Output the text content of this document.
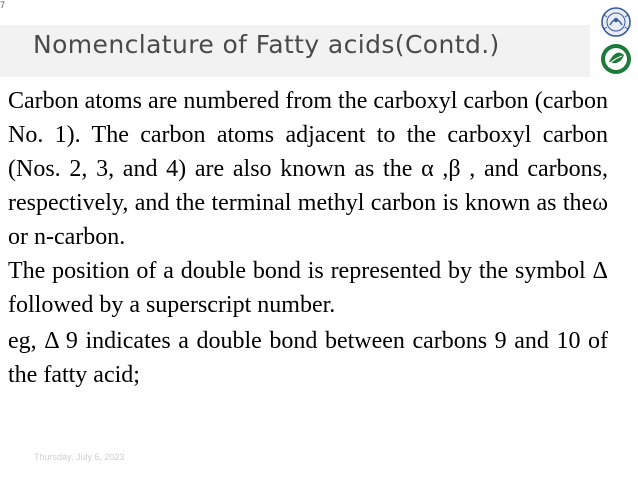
7
Nomenclature of Fatty acids(Contd.)

Carbon atoms are numbered from the carboxyl carbon (carbon No. 1). The carbon atoms adjacent to the carboxyl carbon (Nos. 2, 3, and 4) are also known as the α ,β , and carbons, respectively, and the terminal methyl carbon is known as theω or n-carbon.

The position of a double bond is represented by the symbol Δ followed by a superscript number.

eg, Δ 9 indicates a double bond between carbons 9 and 10 of the fatty acid;

Thursday, July 6, 2023
